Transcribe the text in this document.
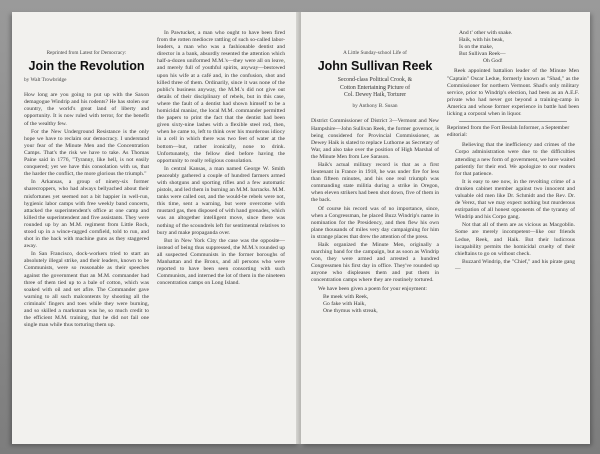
Reprinted from Latest for Democracy:
Join the Revolution
by Walt Trowbridge

How long are you going to put up with the Saxon demagogue Windrip and his rodents? He has stolen our country, the world's great land of liberty and opportunity. It is now ruled with terror, for the benefit of the wealthy few.

For the New Underground Resistance is the only hope we have to reclaim our democracy. I understand your fear of the Minute Men and the Concentration Camps. That's the risk we have to take. As Thomas Paine said in 1776, "Tyranny, like hell, is not easily conquered; yet we have this consolation with us, that the harder the conflict, the more glorious the triumph."

In Arkansas, a group of ninety-six former sharecroppers, who had always bellyached about their misfortunes yet seemed not a bit happier in well-run, hygienic labor camps with free weekly band concerts, attacked the superintendent's office at one camp and killed the superintendent and five assistants. They were rounded up by an M.M. regiment from Little Rock, stood up in a wince-ragged cornfield, told to run, and shot in the back with machine guns as they staggered away.

In San Francisco, dock-workers tried to start an absolutely illegal strike, and their leaders, known to be Communists, were so reasonable as their speeches against the government that an M.M. commander had three of them tied up to a bale of cotton, which was soaked with oil and set afire. The Commander gave warning to all such malcontents by shooting all the criminals' fingers and toes while they were burning, and so skilled a marksman was he, so much credit to the efficient M.M. training, that he did not fail one single man while thus torturing them up.

In Pawtucket, a man who ought to have been fired from the rotten mediocre rattling of such so-called labor-leaders, a man who was a fashionable dentist and director in a bank, absurdly resented the attention which half-a-dozen uniformed M.M.'s—they were all on leave, and merely full of youthful spirits, anyway—bestowed upon his wife at a café and, in the confusion, shot and killed three of them. Ordinarily, since it was none of the public's business anyway, the M.M.'s did not give out details of their disciplinary of rebels, but in this case, where the fault of a dentist had shown himself to be a homicidal maniac, the local M.M. commander permitted the papers to print the fact that the dentist had been given sixty-nine lashes with a flexible steel rod, then, when he came to, left to think over his murderous idiocy in a cell in which there was two feet of water at the bottom—but, rather ironically, none to drink. Unfortunately, the fellow died before having the opportunity to really religious consolation.

In central Kansas, a man named George W. Smith peaceably gathered a couple of hundred farmers armed with shotguns and sporting rifles and a few automatic pistols, and led them in burning an M.M. barracks. M.M. tanks were called out, and the would-be rebels were not, this time, sent a warning, but were overcome with mustard gas, then disposed of with hand grenades, which was an altogether intelligent move, since there was nothing of the scoundrels left for sentimental relatives to bury and make propaganda over.

But in New York City the case was the opposite—instead of being thus suppressed, the M.M.'s rounded up all suspected Communists in the former boroughs of Manhattan and the Bronx, and all persons who were reported to have been seen consorting with such Communists, and interned the lot of them in the nineteen concentration camps on Long Island.

A Little Sunday-school Life of
John Sullivan Reek
Second-class Political Crook, &
Cotton Entertaining Picture of
Col. Dewey Haik, Torturer
by Anthony B. Susan

District Commissioner of District 3—Vermont and New Hampshire—John Sullivan Reek, the former governor, is being considered for Provincial Commissioner, as Dewey Haik is slated to replace Luthorne as Secretary of War, and also take over the position of High Marshal of the Minute Men from Lee Sarason.

Haik's actual military record is that as a first lieutenant in France in 1918, he was under fire for less than fifteen minutes, and his one real triumph was commanding state militia during a strike in Oregon, when eleven strikers had been shot down, five of them in the back.

Of course his record was of no importance, since, when a Congressman, he placed Buzz Windrip's name in nomination for the Presidency, and then flew his own plane thousands of miles very day campaigning for him in strange places that drew the attention of the press.

Haik organized the Minute Men, originally a marching band for the campaign, but as soon as Windrip won, they were armed and arrested a hundred Congressmen his first day in office. They've rounded up anyone who displeases them and put them in concentration camps where they are routinely tortured.

We have been given a poem for your enjoyment:

Be meek with Reek,
Go fake with Haik,
One thymus with streak,

And t' other with snake.
Haik, with his beak,
Is on the make,
But Sullivan Reek—
Oh God!

Reek appointed battalion leader of the Minute Men "Captain" Oscar Ledue, formerly known as "Shad," as the Commissioner for northern Vermont. Shad's only military service, prior to Windrip's election, had been as an A.E.F. private who had never got beyond a training-camp in America and whose former experience in battle had been licking a corporal when in liquor.

Reprinted from the Fort Beulah Informer, a September editorial:

Believing that the inefficiency and crimes of the Corpo administration were due to the difficulties attending a new form of government, we have waited patiently for their end. We apologize to our readers for that patience.

It is easy to see now, in the revolting crime of a drunken cabinet member against two innocent and valuable old men like Dr. Schmidt and the Rev. Dr. de Verez, that we may expect nothing but murderous extirpation of all honest opponents of the tyranny of Windrip and his Corpo gang.

Not that all of them are as vicious as Macgoblin. Some are merely incompetent—like our friends Ledue, Reek, and Haik. But their ludicrous incapability permits the homicidal cruelty of their chieftains to go on without check.

Buzzard Windrip, the "Chief," and his pirate gang—
